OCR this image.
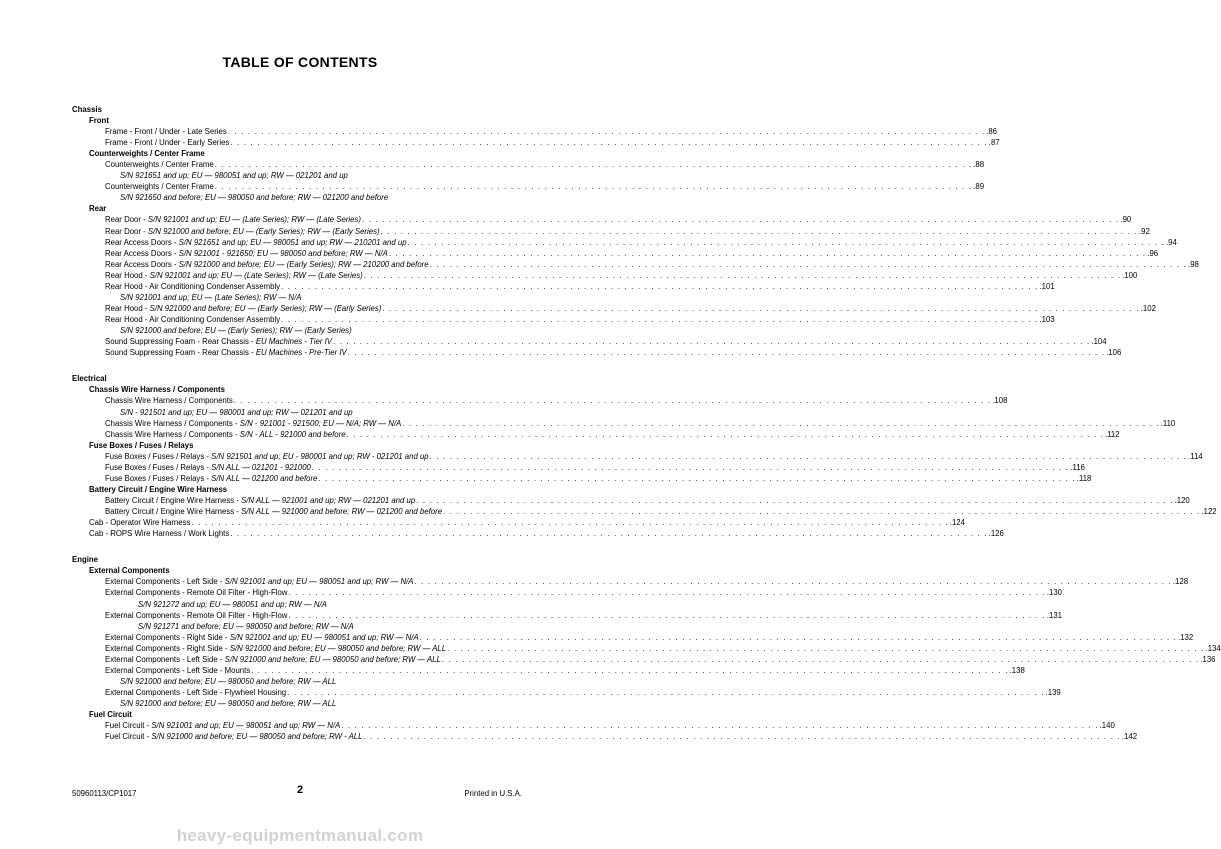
TABLE OF CONTENTS
Chassis
Front
Frame - Front / Under - Late Series . . . . . . . . . . . . . . . . . . . . . . . . . . . . . . . . . . . . . . . . . . . . . . . . . . . . . . . . . . . . . . . . . . . . . . . . . . . . . . . . . . . . . . . . . . . . . . . . . . . . . . . . . . . . . . . . . .86
Frame - Front / Under - Early Series . . . . . . . . . . . . . . . . . . . . . . . . . . . . . . . . . . . . . . . . . . . . . . . . . . . . . . . . . . . . . . . . . . . . . . . . . . . . . . . . . . . . . . . . . . . . . . . . . . . . . . . . . . . . . . . . . .87
Counterweights / Center Frame
Counterweights / Center Frame . . . . . . . . . . . . . . . . . . . . . . . . . . . . . . . . . . . . . . . . . . . . . . . . . . . . . . . . . . . . . . . . . . . . . . . . . . . . . . . . . . . . . . . . . . . . . . . . . . . . . . . . . . . . . . . . . .88
S/N 921651 and up; EU — 980051 and up; RW — 021201 and up
Counterweights / Center Frame . . . . . . . . . . . . . . . . . . . . . . . . . . . . . . . . . . . . . . . . . . . . . . . . . . . . . . . . . . . . . . . . . . . . . . . . . . . . . . . . . . . . . . . . . . . . . . . . . . . . . . . . . . . . . . . . . .89
S/N 921650 and before; EU — 980050 and before; RW — 021200 and before
Rear
Rear Door - S/N 921001 and up; EU — (Late Series); RW — (Late Series) . . . . . . . . . . . . . . . . . . . . . . . . . . . . . . . . . . . . . . . . . . . . . . . . . . . . . . . . . . . . . . . . . . . . . . . . . . . . . . . . . . . . . . . . . . . . . . . . . . . . . . . . . . . . . . . . . .90
Rear Door - S/N 921000 and before; EU — (Early Series); RW — (Early Series) . . . . . . . . . . . . . . . . . . . . . . . . . . . . . . . . . . . . . . . . . . . . . . . . . . . . . . . . . . . . . . . . . . . . . . . . . . . . . . . . . . . . . . . . . . . . . . . . . . . . . . . . . . . . . . . . . .92
Rear Access Doors - S/N 921651 and up; EU — 980051 and up; RW — 210201 and up . . . . . . . . . . . . . . . . . . . . . . . . . . . . . . . . . . . . . . . . . . . . . . . . . . . . . . . . . . . . . . . . . . . . . . . . . . . . . . . . . . . . . . . . . . . . . . . . . . . . . . . . . . . . . . . . . .94
Rear Access Doors - S/N 921001 - 921650; EU — 980050 and before; RW — N/A . . . . . . . . . . . . . . . . . . . . . . . . . . . . . . . . . . . . . . . . . . . . . . . . . . . . . . . . . . . . . . . . . . . . . . . . . . . . . . . . . . . . . . . . . . . . . . . . . . . . . . . . . . . . . . . . . .96
Rear Access Doors - S/N 921000 and before; EU — (Early Series); RW — 210200 and before . . . . . . . . . . . . . . . . . . . . . . . . . . . . . . . . . . . . . . . . . . . . . . . . . . . . . . . . . . . . . . . . . . . . . . . . . . . . . . . . . . . . . . . . . . . . . . . . . . . . . . . . . . . . . . . . . .98
Rear Hood - S/N 921001 and up; EU — (Late Series); RW — (Late Series) . . . . . . . . . . . . . . . . . . . . . . . . . . . . . . . . . . . . . . . . . . . . . . . . . . . . . . . . . . . . . . . . . . . . . . . . . . . . . . . . . . . . . . . . . . . . . . . . . . . . . . . . . . . . . . . . . .100
Rear Hood - Air Conditioning Condenser Assembly . . . . . . . . . . . . . . . . . . . . . . . . . . . . . . . . . . . . . . . . . . . . . . . . . . . . . . . . . . . . . . . . . . . . . . . . . . . . . . . . . . . . . . . . . . . . . . . . . . . . . . . . . . . . . . . . . .101
S/N 921001 and up; EU — (Late Series); RW — N/A
Rear Hood - S/N 921000 and before; EU — (Early Series); RW — (Early Series) . . . . . . . . . . . . . . . . . . . . . . . . . . . . . . . . . . . . . . . . . . . . . . . . . . . . . . . . . . . . . . . . . . . . . . . . . . . . . . . . . . . . . . . . . . . . . . . . . . . . . . . . . . . . . . . . . .102
Rear Hood - Air Conditioning Condenser Assembly . . . . . . . . . . . . . . . . . . . . . . . . . . . . . . . . . . . . . . . . . . . . . . . . . . . . . . . . . . . . . . . . . . . . . . . . . . . . . . . . . . . . . . . . . . . . . . . . . . . . . . . . . . . . . . . . . .103
S/N 921000 and before; EU — (Early Series); RW — (Early Series)
Sound Suppressing Foam - Rear Chassis - EU Machines - Tier IV . . . . . . . . . . . . . . . . . . . . . . . . . . . . . . . . . . . . . . . . . . . . . . . . . . . . . . . . . . . . . . . . . . . . . . . . . . . . . . . . . . . . . . . . . . . . . . . . . . . . . . . . . . . . . . . . . .104
Sound Suppressing Foam - Rear Chassis - EU Machines - Pre-Tier IV . . . . . . . . . . . . . . . . . . . . . . . . . . . . . . . . . . . . . . . . . . . . . . . . . . . . . . . . . . . . . . . . . . . . . . . . . . . . . . . . . . . . . . . . . . . . . . . . . . . . . . . . . . . . . . . . . .106
Electrical
Chassis Wire Harness / Components
Chassis Wire Harness / Components . . . . . . . . . . . . . . . . . . . . . . . . . . . . . . . . . . . . . . . . . . . . . . . . . . . . . . . . . . . . . . . . . . . . . . . . . . . . . . . . . . . . . . . . . . . . . . . . . . . . . . . . . . . . . . . . . .108
S/N - 921501 and up; EU — 980001 and up; RW — 021201 and up
Chassis Wire Harness / Components - S/N - 921001 - 921500; EU — N/A; RW — N/A . . . . . . . . . . . . . . . . . . . . . . . . . . . . . . . . . . . . . . . . . . . . . . . . . . . . . . . . . . . . . . . . . . . . . . . . . . . . . . . . . . . . . . . . . . . . . . . . . . . . . . . . . . . . . . . . . .110
Chassis Wire Harness / Components - S/N - ALL - 921000 and before . . . . . . . . . . . . . . . . . . . . . . . . . . . . . . . . . . . . . . . . . . . . . . . . . . . . . . . . . . . . . . . . . . . . . . . . . . . . . . . . . . . . . . . . . . . . . . . . . . . . . . . . . . . . . . . . . .112
Fuse Boxes / Fuses / Relays
Fuse Boxes / Fuses / Relays - S/N 921501 and up; EU - 980001 and up; RW - 021201 and up . . . . . . . . . . . . . . . . . . . . . . . . . . . . . . . . . . . . . . . . . . . . . . . . . . . . . . . . . . . . . . . . . . . . . . . . . . . . . . . . . . . . . . . . . . . . . . . . . . . . . . . . . . . . . . . . . .114
Fuse Boxes / Fuses / Relays - S/N ALL — 021201 - 921000 . . . . . . . . . . . . . . . . . . . . . . . . . . . . . . . . . . . . . . . . . . . . . . . . . . . . . . . . . . . . . . . . . . . . . . . . . . . . . . . . . . . . . . . . . . . . . . . . . . . . . . . . . . . . . . . . . .116
Fuse Boxes / Fuses / Relays - S/N ALL — 021200 and before . . . . . . . . . . . . . . . . . . . . . . . . . . . . . . . . . . . . . . . . . . . . . . . . . . . . . . . . . . . . . . . . . . . . . . . . . . . . . . . . . . . . . . . . . . . . . . . . . . . . . . . . . . . . . . . . . .118
Battery Circuit / Engine Wire Harness
Battery Circuit / Engine Wire Harness - S/N ALL — 921001 and up; RW — 021201 and up . . . . . . . . . . . . . . . . . . . . . . . . . . . . . . . . . . . . . . . . . . . . . . . . . . . . . . . . . . . . . . . . . . . . . . . . . . . . . . . . . . . . . . . . . . . . . . . . . . . . . . . . . . . . . . . . . .120
Battery Circuit / Engine Wire Harness - S/N ALL — 921000 and before; RW — 021200 and before . . . . . . . . . . . . . . . . . . . . . . . . . . . . . . . . . . . . . . . . . . . . . . . . . . . . . . . . . . . . . . . . . . . . . . . . . . . . . . . . . . . . . . . . . . . . . . . . . . . . . . . . . . . . . . . . . .122
Cab - Operator Wire Harness . . . . . . . . . . . . . . . . . . . . . . . . . . . . . . . . . . . . . . . . . . . . . . . . . . . . . . . . . . . . . . . . . . . . . . . . . . . . . . . . . . . . . . . . . . . . . . . . . . . . . . . . . . . . . . . . . .124
Cab - ROPS Wire Harness / Work Lights . . . . . . . . . . . . . . . . . . . . . . . . . . . . . . . . . . . . . . . . . . . . . . . . . . . . . . . . . . . . . . . . . . . . . . . . . . . . . . . . . . . . . . . . . . . . . . . . . . . . . . . . . . . . . . . . . .126
Engine
External Components
External Components - Left Side - S/N 921001 and up; EU — 980051 and up; RW — N/A . . . . . . . . . . . . . . . . . . . . . . . . . . . . . . . . . . . . . . . . . . . . . . . . . . . . . . . . . . . . . . . . . . . . . . . . . . . . . . . . . . . . . . . . . . . . . . . . . . . . . . . . . . . . . . . . . .128
External Components - Remote Oil Filter - High-Flow . . . . . . . . . . . . . . . . . . . . . . . . . . . . . . . . . . . . . . . . . . . . . . . . . . . . . . . . . . . . . . . . . . . . . . . . . . . . . . . . . . . . . . . . . . . . . . . . . . . . . . . . . . . . . . . . . .130
S/N 921272 and up; EU — 980051 and up; RW — N/A
External Components - Remote Oil Filter - High-Flow . . . . . . . . . . . . . . . . . . . . . . . . . . . . . . . . . . . . . . . . . . . . . . . . . . . . . . . . . . . . . . . . . . . . . . . . . . . . . . . . . . . . . . . . . . . . . . . . . . . . . . . . . . . . . . . . . .131
S/N 921271 and before; EU — 980050 and before; RW — N/A
External Components - Right Side - S/N 921001 and up; EU — 980051 and up; RW — N/A . . . . . . . . . . . . . . . . . . . . . . . . . . . . . . . . . . . . . . . . . . . . . . . . . . . . . . . . . . . . . . . . . . . . . . . . . . . . . . . . . . . . . . . . . . . . . . . . . . . . . . . . . . . . . . . . . .132
External Components - Right Side - S/N 921000 and before; EU — 980050 and before; RW — ALL . . . . . . . . . . . . . . . . . . . . . . . . . . . . . . . . . . . . . . . . . . . . . . . . . . . . . . . . . . . . . . . . . . . . . . . . . . . . . . . . . . . . . . . . . . . . . . . . . . . . . . . . . . . . . . . . . .134
External Components - Left Side - S/N 921000 and before; EU — 980050 and before; RW — ALL . . . . . . . . . . . . . . . . . . . . . . . . . . . . . . . . . . . . . . . . . . . . . . . . . . . . . . . . . . . . . . . . . . . . . . . . . . . . . . . . . . . . . . . . . . . . . . . . . . . . . . . . . . . . . . . . . .136
External Components - Left Side - Mounts . . . . . . . . . . . . . . . . . . . . . . . . . . . . . . . . . . . . . . . . . . . . . . . . . . . . . . . . . . . . . . . . . . . . . . . . . . . . . . . . . . . . . . . . . . . . . . . . . . . . . . . . . . . . . . . . . .138
S/N 921000 and before; EU — 980050 and before; RW — ALL
External Components - Left Side - Flywheel Housing . . . . . . . . . . . . . . . . . . . . . . . . . . . . . . . . . . . . . . . . . . . . . . . . . . . . . . . . . . . . . . . . . . . . . . . . . . . . . . . . . . . . . . . . . . . . . . . . . . . . . . . . . . . . . . . . . .139
S/N 921000 and before; EU — 980050 and before; RW — ALL
Fuel Circuit
Fuel Circuit - S/N 921001 and up; EU — 980051 and up; RW — N/A . . . . . . . . . . . . . . . . . . . . . . . . . . . . . . . . . . . . . . . . . . . . . . . . . . . . . . . . . . . . . . . . . . . . . . . . . . . . . . . . . . . . . . . . . . . . . . . . . . . . . . . . . . . . . . . . . .140
Fuel Circuit - S/N 921000 and before; EU — 980050 and before; RW - ALL . . . . . . . . . . . . . . . . . . . . . . . . . . . . . . . . . . . . . . . . . . . . . . . . . . . . . . . . . . . . . . . . . . . . . . . . . . . . . . . . . . . . . . . . . . . . . . . . . . . . . . . . . . . . . . . . . .142
50960113/CP1017	2	Printed in U.S.A.
heavy-equipmentmanual.com
